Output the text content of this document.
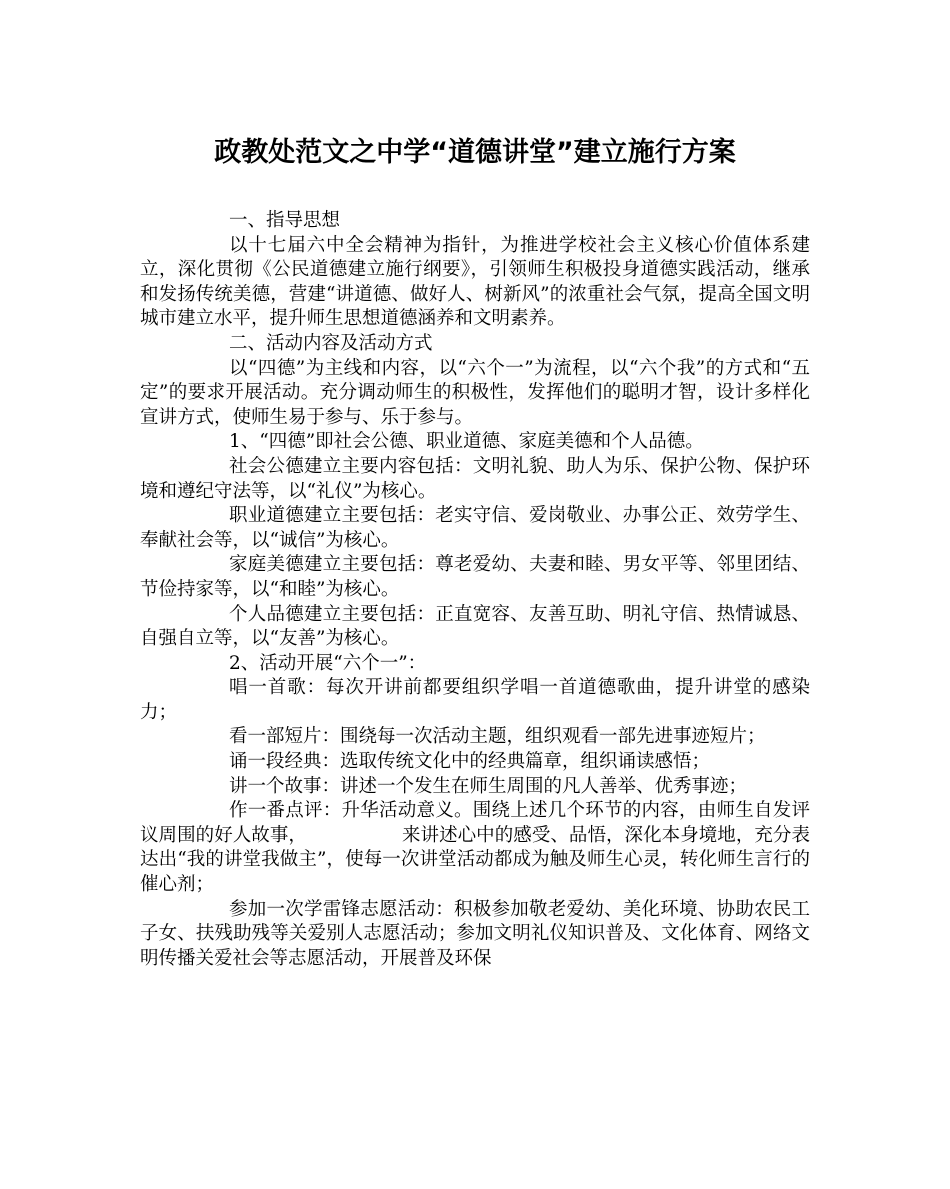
政教处范文之中学“道德讲堂”建立施行方案

一、指导思想

以十七届六中全会精神为指针，为推进学校社会主义核心价值体系建立，深化贯彻《公民道德建立施行纲要》，引领师生积极投身道德实践活动，继承和发扬传统美德，营建“讲道德、做好人、树新风”的浓重社会气氛，提高全国文明城市建立水平，提升师生思想道德涵养和文明素养。

二、活动内容及活动方式

以“四德”为主线和内容，以“六个一”为流程，以“六个我”的方式和“五定”的要求开展活动。充分调动师生的积极性，发挥他们的聪明才智，设计多样化宣讲方式，使师生易于参与、乐于参与。

1、“四德”即社会公德、职业道德、家庭美德和个人品德。

社会公德建立主要内容包括：文明礼貌、助人为乐、保护公物、保护环境和遵纪守法等，以“礼仪”为核心。

职业道德建立主要包括：老实守信、爱岗敬业、办事公正、效劳学生、奉献社会等，以“诚信”为核心。

家庭美德建立主要包括：尊老爱幼、夫妻和睦、男女平等、邻里团结、节俭持家等，以“和睦”为核心。

个人品德建立主要包括：正直宽容、友善互助、明礼守信、热情诚恳、自强自立等，以“友善”为核心。

2、活动开展“六个一”：

唱一首歌：每次开讲前都要组织学唱一首道德歌曲，提升讲堂的感染力；

看一部短片：围绕每一次活动主题，组织观看一部先进事迹短片；

诵一段经典：选取传统文化中的经典篇章，组织诵读感悟；

讲一个故事：讲述一个发生在师生周围的凡人善举、优秀事迹；

作一番点评：升华活动意义。围绕上述几个环节的内容，由师生自发评议周围的好人故事，	来讲述心中的感受、品悟，深化本身境地，充分表达出“我的讲堂我做主”，使每一次讲堂活动都成为触及师生心灵，转化师生言行的催心剂；

参加一次学雷锋志愿活动：积极参加敬老爱幼、美化环境、协助农民工子女、扶残助残等关爱别人志愿活动；参加文明礼仪知识普及、文化体育、网络文明传播关爱社会等志愿活动，开展普及环保
